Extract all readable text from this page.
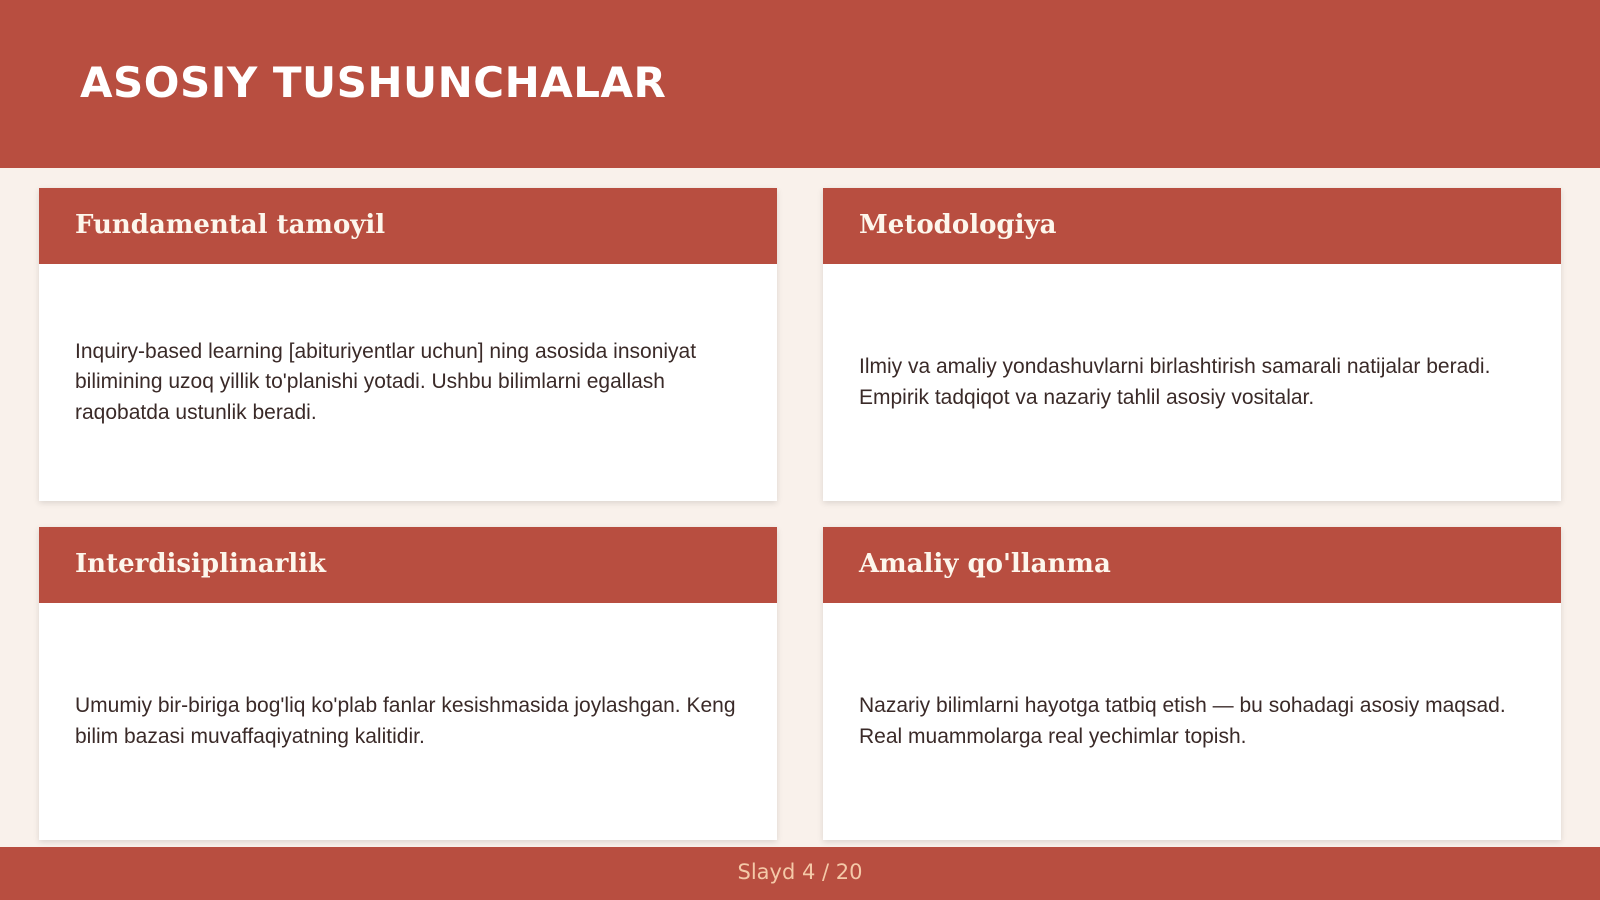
ASOSIY TUSHUNCHALAR
Fundamental tamoyil

Inquiry-based learning [abituriyentlar uchun] ning asosida insoniyat bilimining uzoq yillik to'planishi yotadi. Ushbu bilimlarni egallash raqobatda ustunlik beradi.

Metodologiya

Ilmiy va amaliy yondashuvlarni birlashtirish samarali natijalar beradi. Empirik tadqiqot va nazariy tahlil asosiy vositalar.

Interdisiplinarlik

Umumiy bir-biriga bog'liq ko'plab fanlar kesishmasida joylashgan. Keng bilim bazasi muvaffaqiyatning kalitidir.

Amaliy qo'llanma

Nazariy bilimlarni hayotga tatbiq etish — bu sohadagi asosiy maqsad. Real muammolarga real yechimlar topish.

Slayd 4 / 20
